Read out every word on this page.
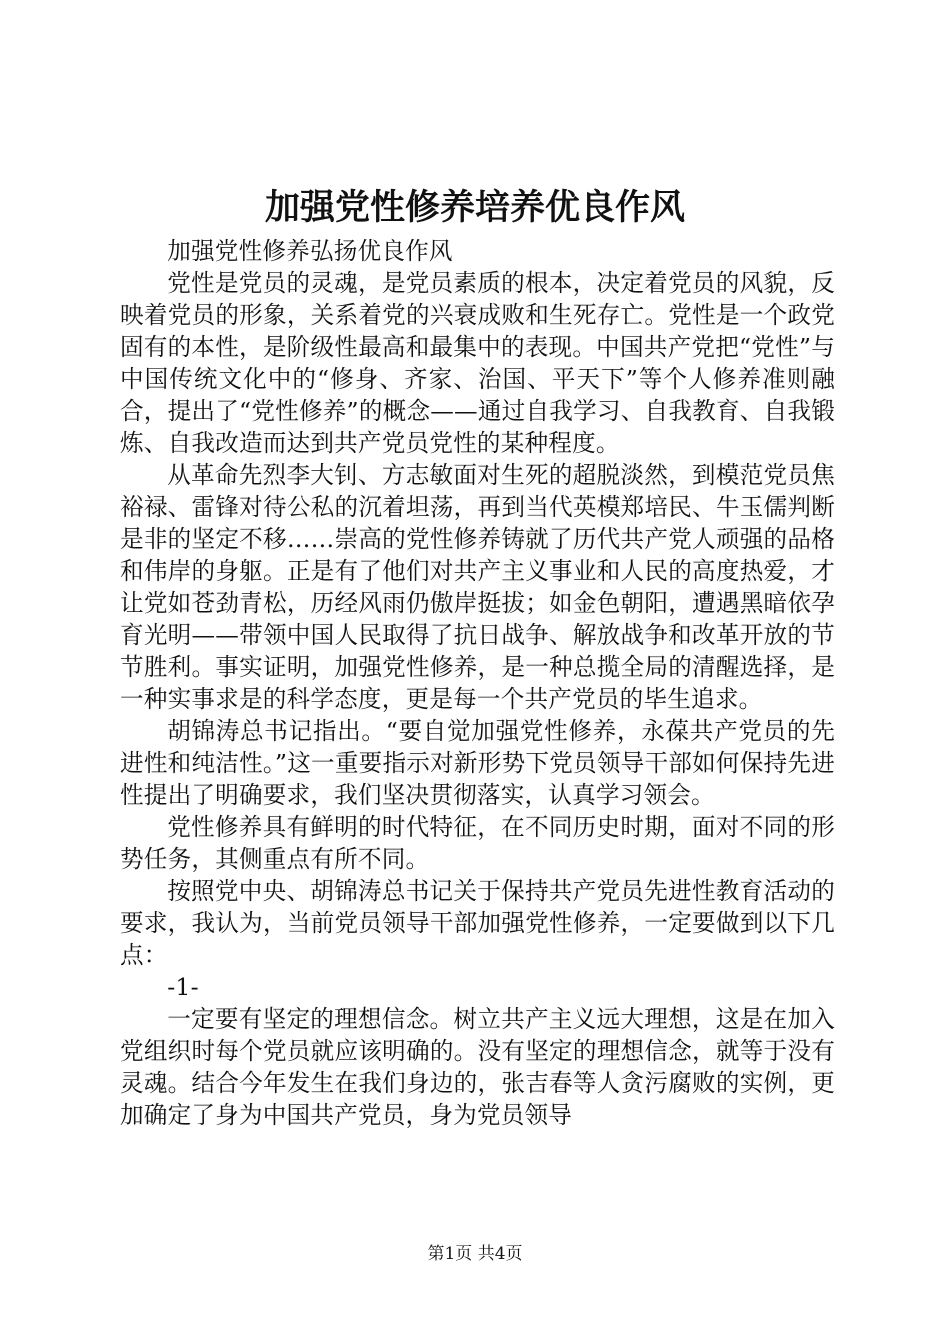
加强党性修养培养优良作风

加强党性修养弘扬优良作风

党性是党员的灵魂，是党员素质的根本，决定着党员的风貌，反映着党员的形象，关系着党的兴衰成败和生死存亡。党性是一个政党固有的本性，是阶级性最高和最集中的表现。中国共产党把“党性”与中国传统文化中的“修身、齐家、治国、平天下”等个人修养准则融合，提出了“党性修养”的概念——通过自我学习、自我教育、自我锻炼、自我改造而达到共产党员党性的某种程度。

从革命先烈李大钊、方志敏面对生死的超脱淡然，到模范党员焦裕禄、雷锋对待公私的沉着坦荡，再到当代英模郑培民、牛玉儒判断是非的坚定不移……崇高的党性修养铸就了历代共产党人顽强的品格和伟岸的身躯。正是有了他们对共产主义事业和人民的高度热爱，才让党如苍劲青松，历经风雨仍傲岸挺拔；如金色朝阳，遭遇黑暗依孕育光明——带领中国人民取得了抗日战争、解放战争和改革开放的节节胜利。事实证明，加强党性修养，是一种总揽全局的清醒选择，是一种实事求是的科学态度，更是每一个共产党员的毕生追求。

胡锦涛总书记指出。“要自觉加强党性修养，永葆共产党员的先进性和纯洁性。”这一重要指示对新形势下党员领导干部如何保持先进性提出了明确要求，我们坚决贯彻落实，认真学习领会。

党性修养具有鲜明的时代特征，在不同历史时期，面对不同的形势任务，其侧重点有所不同。

按照党中央、胡锦涛总书记关于保持共产党员先进性教育活动的要求，我认为，当前党员领导干部加强党性修养，一定要做到以下几点：

-1-

一定要有坚定的理想信念。树立共产主义远大理想，这是在加入党组织时每个党员就应该明确的。没有坚定的理想信念，就等于没有灵魂。结合今年发生在我们身边的，张吉春等人贪污腐败的实例，更加确定了身为中国共产党员，身为党员领导

第1页 共4页
